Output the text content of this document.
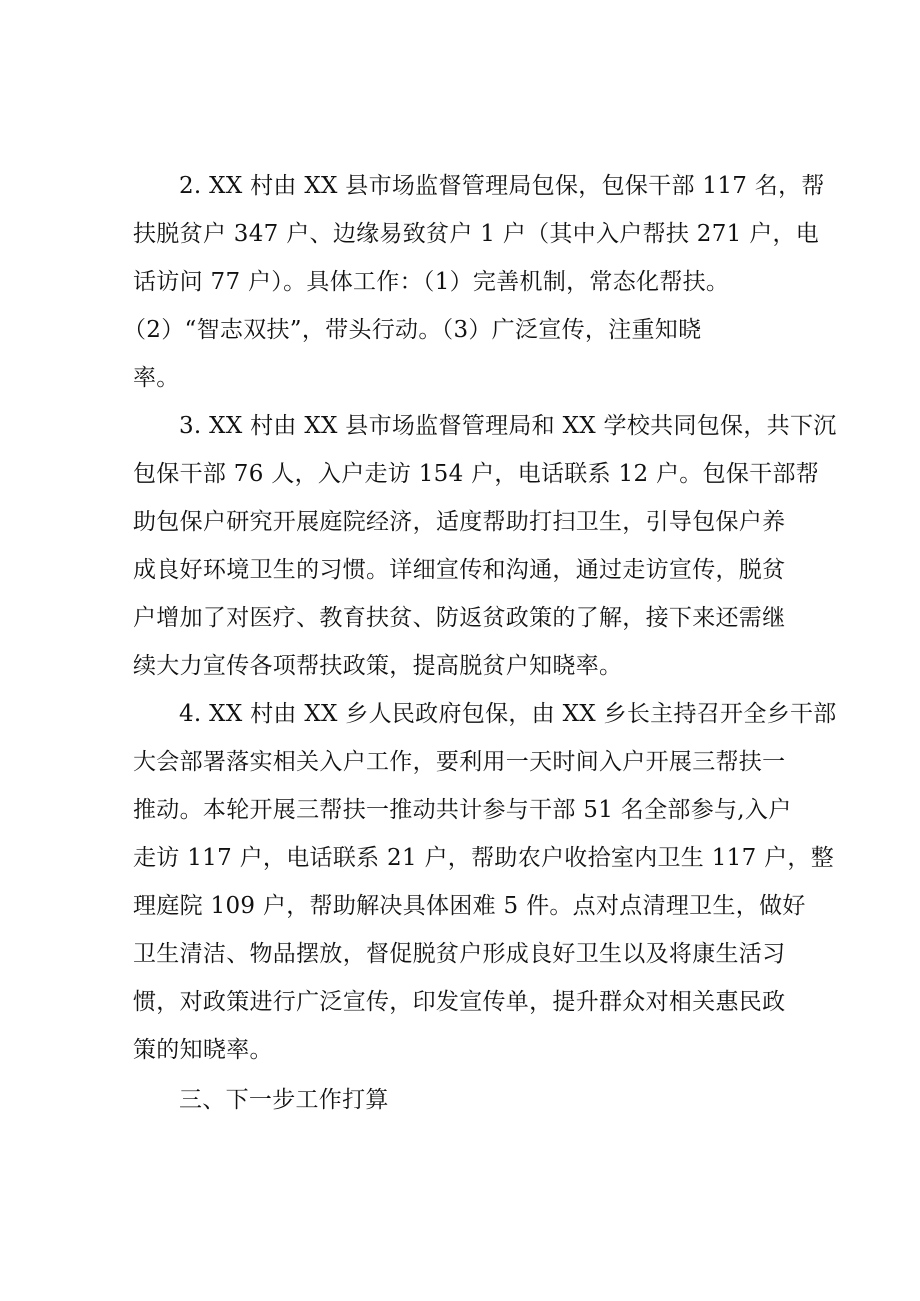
2. XX 村由 XX 县市场监督管理局包保，包保干部 117 名，帮
扶脱贫户 347 户、边缘易致贫户 1 户（其中入户帮扶 271 户，电
话访问 77 户）。具体工作：（1）完善机制，常态化帮扶。
（2）“智志双扶”，带头行动。（3）广泛宣传，注重知晓
率。
3. XX 村由 XX 县市场监督管理局和 XX 学校共同包保，共下沉
包保干部 76 人，入户走访 154 户，电话联系 12 户。包保干部帮
助包保户研究开展庭院经济，适度帮助打扫卫生，引导包保户养
成良好环境卫生的习惯。详细宣传和沟通，通过走访宣传，脱贫
户增加了对医疗、教育扶贫、防返贫政策的了解，接下来还需继
续大力宣传各项帮扶政策，提高脱贫户知晓率。
4. XX 村由 XX 乡人民政府包保，由 XX 乡长主持召开全乡干部
大会部署落实相关入户工作，要利用一天时间入户开展三帮扶一
推动。本轮开展三帮扶一推动共计参与干部 51 名全部参与,入户
走访 117 户，电话联系 21 户，帮助农户收拾室内卫生 117 户，整
理庭院 109 户，帮助解决具体困难 5 件。点对点清理卫生，做好
卫生清洁、物品摆放，督促脱贫户形成良好卫生以及将康生活习
惯，对政策进行广泛宣传，印发宣传单，提升群众对相关惠民政
策的知晓率。
三、下一步工作打算
